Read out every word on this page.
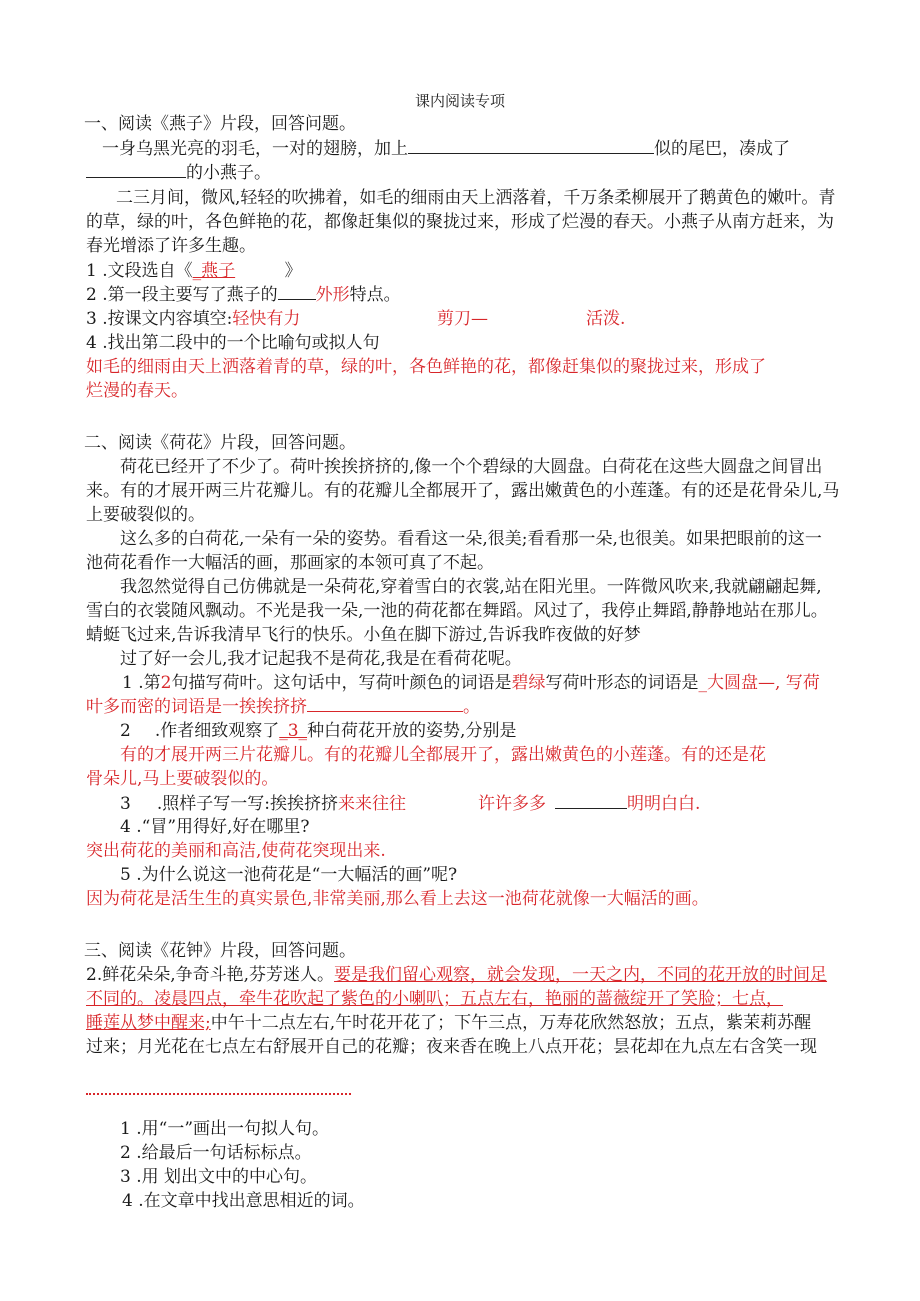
课内阅读专项
一、阅读《燕子》片段，回答问题。
一身乌黑光亮的羽毛，一对的翅膀，加上	似的尾巴，凑成了
的小燕子。
二三月间，微风,轻轻的吹拂着，如毛的细雨由天上洒落着，千万条柔柳展开了鹅黄色的嫩叶。青
的草，绿的叶，各色鲜艳的花，都像赶集似的聚拢过来，形成了烂漫的春天。小燕子从南方赶来，为
春光增添了许多生趣。
1 .文段选自《_燕子	》
2 .第一段主要写了燕子的 外形特点。
3 .按课文内容填空:轻快有力	剪刀—	活泼.
4 .找出第二段中的一个比喻句或拟人句
如毛的细雨由天上洒落着青的草，绿的叶，各色鲜艳的花，都像赶集似的聚拢过来，形成了
烂漫的春天。
二、阅读《荷花》片段，回答问题。
荷花已经开了不少了。荷叶挨挨挤挤的,像一个个碧绿的大圆盘。白荷花在这些大圆盘之间冒出
来。有的才展开两三片花瓣儿。有的花瓣儿全都展开了，露出嫩黄色的小莲蓬。有的还是花骨朵儿,马
上要破裂似的。
这么多的白荷花,一朵有一朵的姿势。看看这一朵,很美;看看那一朵,也很美。如果把眼前的这一
池荷花看作一大幅活的画，那画家的本领可真了不起。
我忽然觉得自己仿佛就是一朵荷花,穿着雪白的衣裳,站在阳光里。一阵微风吹来,我就翩翩起舞,
雪白的衣裳随风飘动。不光是我一朵,一池的荷花都在舞蹈。风过了，我停止舞蹈,静静地站在那儿。
蜻蜓飞过来,告诉我清早飞行的快乐。小鱼在脚下游过,告诉我昨夜做的好梦
过了好一会儿,我才记起我不是荷花,我是在看荷花呢。
1 .第2句描写荷叶。这句话中，写荷叶颜色的词语是碧绿写荷叶形态的词语是_大圆盘—, 写荷
叶多而密的词语是一挨挨挤挤	。
2 .作者细致观察了_3_种白荷花开放的姿势,分别是
有的才展开两三片花瓣儿。有的花瓣儿全都展开了，露出嫩黄色的小莲蓬。有的还是花
骨朵儿,马上要破裂似的。
3 .照样子写一写:挨挨挤挤来来往往	许许多多	明明白白.
4 .“冒”用得好,好在哪里?
突出荷花的美丽和高洁,使荷花突现出来.
5 .为什么说这一池荷花是“一大幅活的画”呢?
因为荷花是活生生的真实景色,非常美丽,那么看上去这一池荷花就像一大幅活的画。
三、阅读《花钟》片段，回答问题。
2.鲜花朵朵,争奇斗艳,芬芳迷人。要是我们留心观察，就会发现，一天之内，不同的花开放的时间足
不同的。凌晨四点，牵牛花吹起了紫色的小喇叭；五点左右，艳丽的蔷薇绽开了笑脸；七点，
睡莲从梦中醒来;中午十二点左右,午时花开花了；下午三点，万寿花欣然怒放；五点，紫茉莉苏醒
过来；月光花在七点左右舒展开自己的花瓣；夜来香在晚上八点开花；昙花却在九点左右含笑一现
1 .用“一”画出一句拟人句。
2 .给最后一句话标标点。
3 .用 划出文中的中心句。
4 .在文章中找出意思相近的词。
